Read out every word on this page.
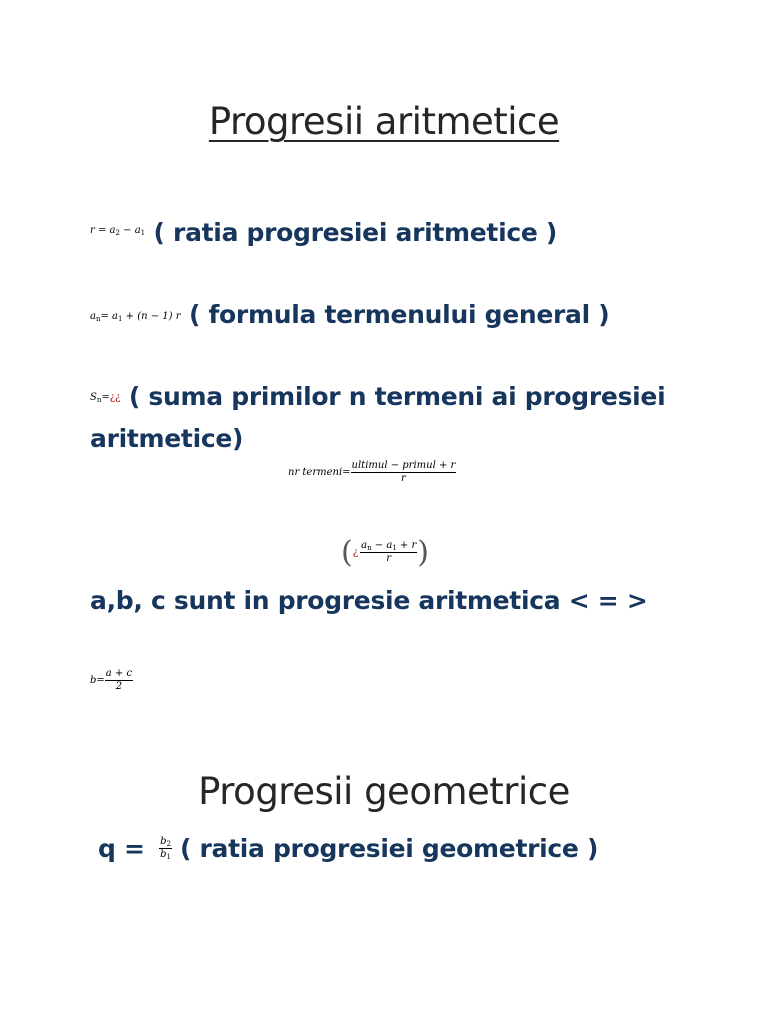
Progresii aritmetice
$^{r = a_2 - a_1}$ ( ratia progresiei aritmetice )
$a_n= a_1 + (n - 1)$ r ( formula termenului general )
$^{S_n=¿¿}$ ( suma primilor n termeni ai progresiei
aritmetice)
nr termeni= $\frac{\text{ultimul − primul + r}}{r}$
( ¿ $\frac{a_n - a_1 + r}{r}$ )
a,b, c sunt in progresie aritmetica < = >
$b= \frac{a + c}{2}$
Progresii geometrice
$q = \frac{b_2}{b_1}$ ( ratia progresiei geometrice )
